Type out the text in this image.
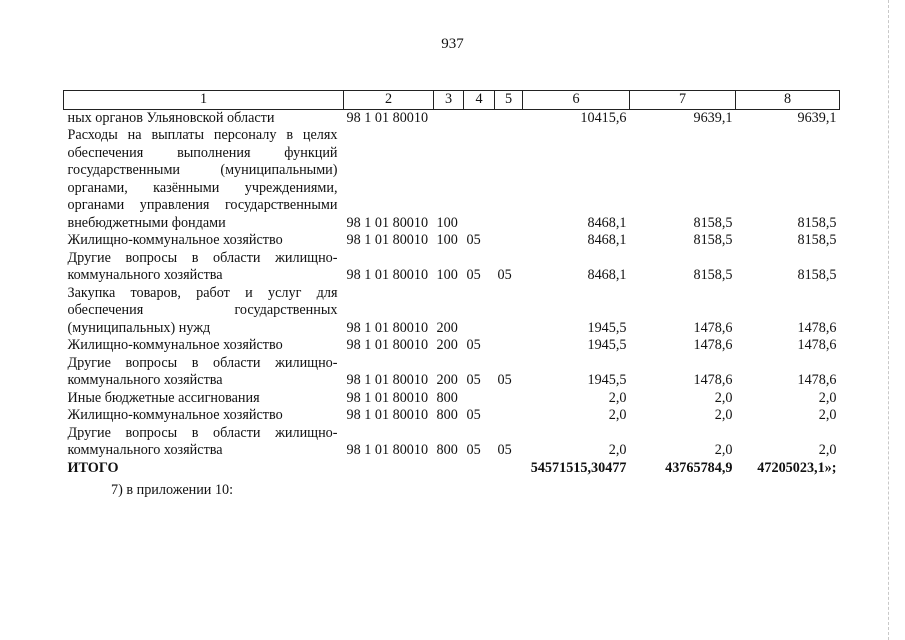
937
1	2	3	4	5	6	7	8
ных органов Ульяновской области	98 1 01 80010				10415,6	9639,1	9639,1
Расходы на выплаты персоналу в целях обеспечения выполнения функций государственными (муниципальными) органами, казёнными учреждениями, органами управления государственными внебюджетными фондами	98 1 01 80010	100			8468,1	8158,5	8158,5
Жилищно-коммунальное хозяйство	98 1 01 80010	100	05		8468,1	8158,5	8158,5
Другие вопросы в области жилищно-коммунального хозяйства	98 1 01 80010	100	05	05	8468,1	8158,5	8158,5
Закупка товаров, работ и услуг для обеспечения государственных (муниципальных) нужд	98 1 01 80010	200			1945,5	1478,6	1478,6
Жилищно-коммунальное хозяйство	98 1 01 80010	200	05		1945,5	1478,6	1478,6
Другие вопросы в области жилищно-коммунального хозяйства	98 1 01 80010	200	05	05	1945,5	1478,6	1478,6
Иные бюджетные ассигнования	98 1 01 80010	800			2,0	2,0	2,0
Жилищно-коммунальное хозяйство	98 1 01 80010	800	05		2,0	2,0	2,0
Другие вопросы в области жилищно-коммунального хозяйства	98 1 01 80010	800	05	05	2,0	2,0	2,0
ИТОГО					54571515,30477	43765784,9	47205023,1»;
7) в приложении 10:
